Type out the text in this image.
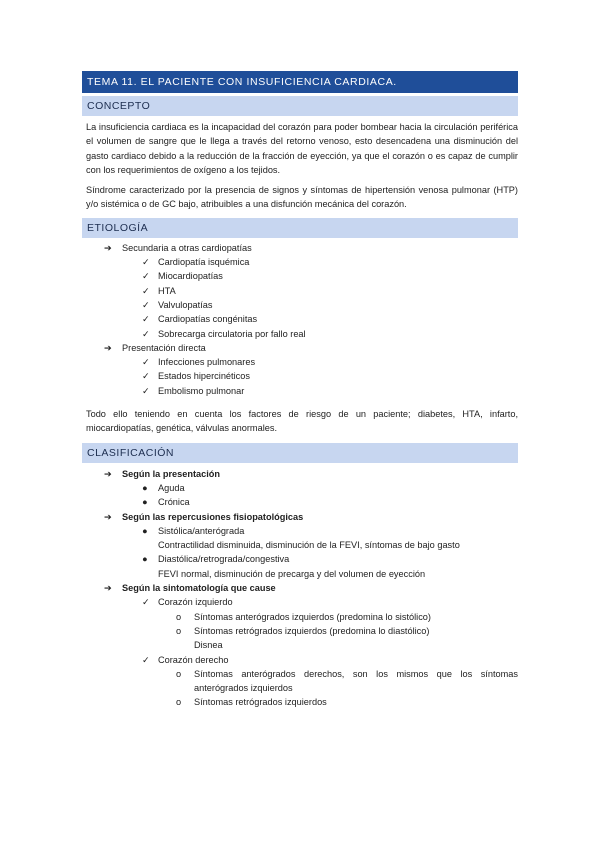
TEMA 11. EL PACIENTE CON INSUFICIENCIA CARDIACA.
CONCEPTO

La insuficiencia cardiaca es la incapacidad del corazón para poder bombear hacia la circulación periférica el volumen de sangre que le llega a través del retorno venoso, esto desencadena una disminución del gasto cardiaco debido a la reducción de la fracción de eyección, ya que el corazón o es capaz de cumplir con los requerimientos de oxígeno a los tejidos.

Síndrome caracterizado por la presencia de signos y síntomas de hipertensión venosa pulmonar (HTP) y/o sistémica o de GC bajo, atribuibles a una disfunción mecánica del corazón.

ETIOLOGÍA
➔ Secundaria a otras cardiopatías
✓ Cardiopatía isquémica
✓ Miocardiopatías
✓ HTA
✓ Valvulopatías
✓ Cardiopatías congénitas
✓ Sobrecarga circulatoria por fallo real
➔ Presentación directa
✓ Infecciones pulmonares
✓ Estados hipercinéticos
✓ Embolismo pulmonar

Todo ello teniendo en cuenta los factores de riesgo de un paciente; diabetes, HTA, infarto, miocardiopatías, genética, válvulas anormales.

CLASIFICACIÓN
➔ Según la presentación
● Aguda
● Crónica
➔ Según las repercusiones fisiopatológicas
● Sistólica/anterógrada
Contractilidad disminuida, disminución de la FEVI, síntomas de bajo gasto
● Diastólica/retrograda/congestiva
FEVI normal, disminución de precarga y del volumen de eyección
➔ Según la sintomatología que cause
✓ Corazón izquierdo
o Síntomas anterógrados izquierdos (predomina lo sistólico)
o Síntomas retrógrados izquierdos (predomina lo diastólico)
Disnea
✓ Corazón derecho
o Síntomas anterógrados derechos, son los mismos que los síntomas anterógrados izquierdos
o Síntomas retrógrados izquierdos
